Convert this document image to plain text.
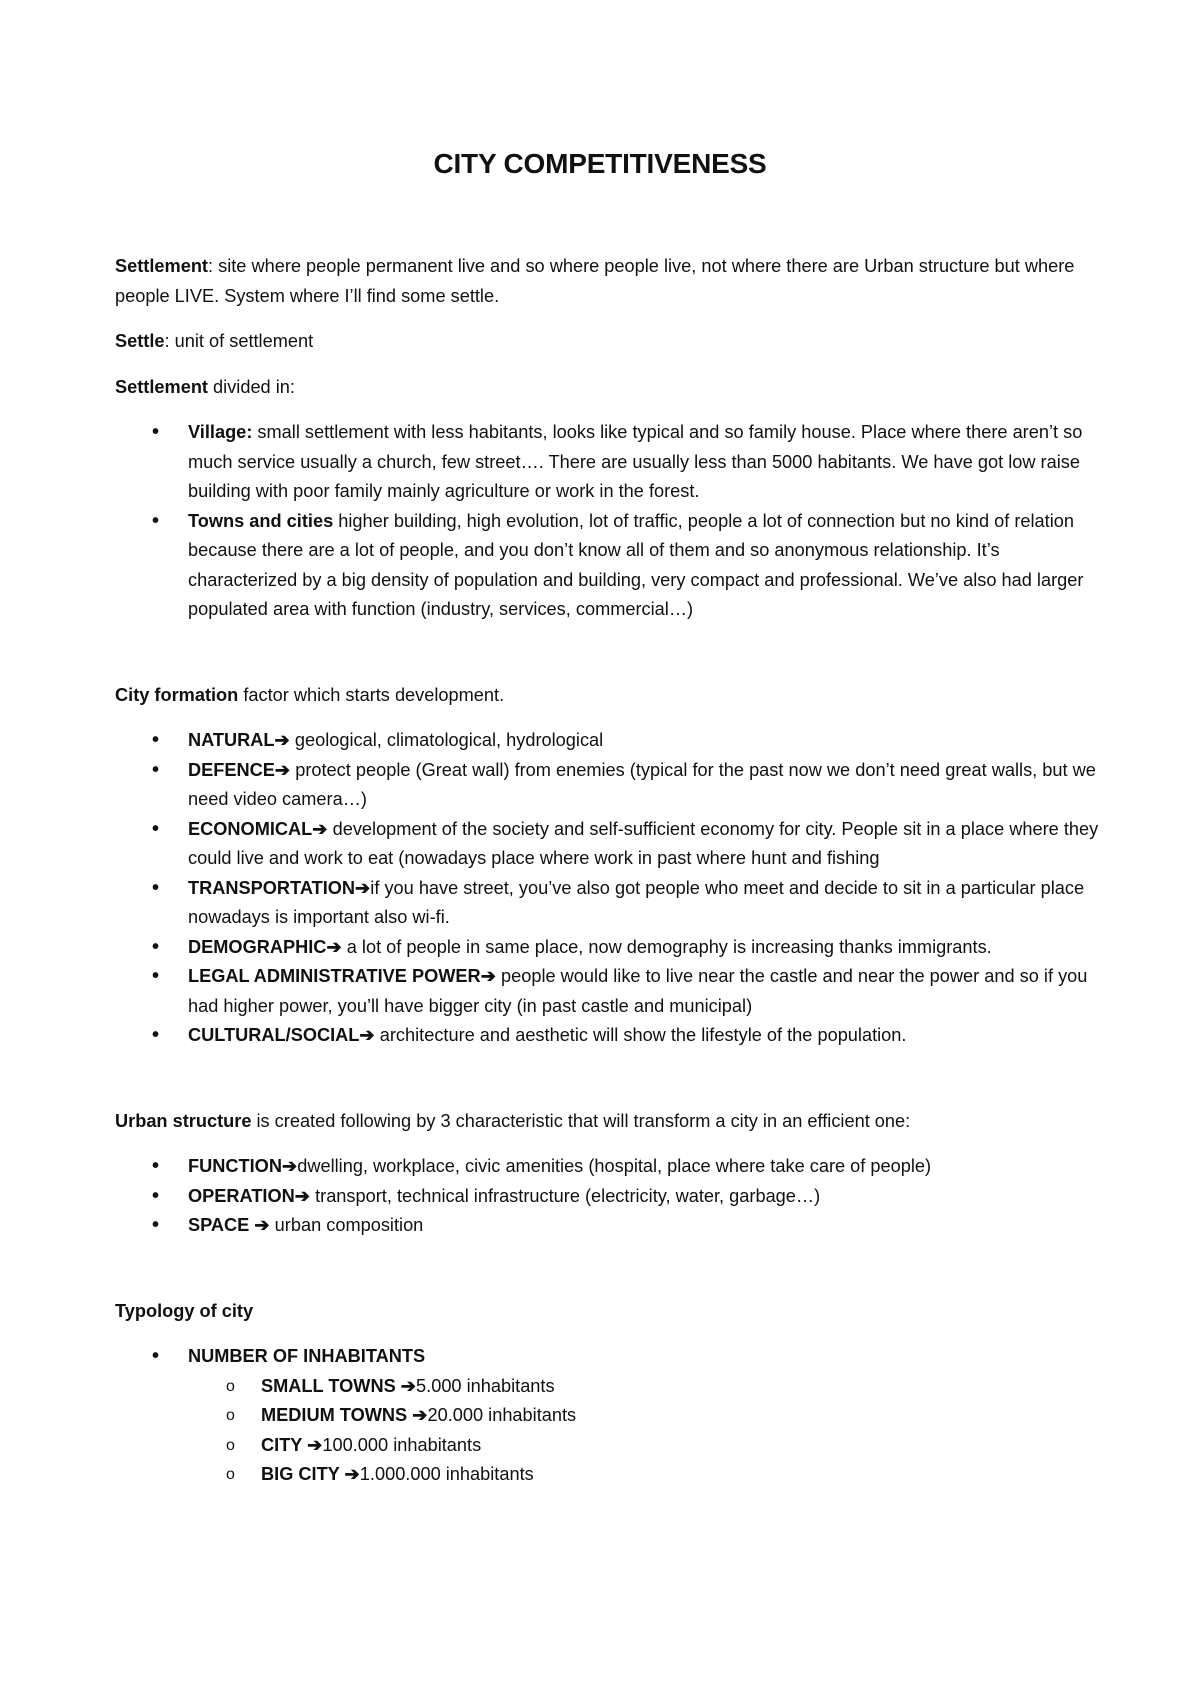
CITY COMPETITIVENESS

Settlement: site where people permanent live and so where people live, not where there are Urban structure but where people LIVE. System where I’ll find some settle.

Settle: unit of settlement

Settlement divided in:

• Village: small settlement with less habitants, looks like typical and so family house. Place where there aren’t so much service usually a church, few street…. There are usually less than 5000 habitants. We have got low raise building with poor family mainly agriculture or work in the forest.
• Towns and cities higher building, high evolution, lot of traffic, people a lot of connection but no kind of relation because there are a lot of people, and you don’t know all of them and so anonymous relationship. It’s characterized by a big density of population and building, very compact and professional. We’ve also had larger populated area with function (industry, services, commercial…)

City formation factor which starts development.

• NATURAL➔ geological, climatological, hydrological
• DEFENCE➔ protect people (Great wall) from enemies (typical for the past now we don’t need great walls, but we need video camera…)
• ECONOMICAL➔ development of the society and self-sufficient economy for city. People sit in a place where they could live and work to eat (nowadays place where work in past where hunt and fishing
• TRANSPORTATION➔if you have street, you’ve also got people who meet and decide to sit in a particular place nowadays is important also wi-fi.
• DEMOGRAPHIC➔ a lot of people in same place, now demography is increasing thanks immigrants.
• LEGAL ADMINISTRATIVE POWER➔ people would like to live near the castle and near the power and so if you had higher power, you’ll have bigger city (in past castle and municipal)
• CULTURAL/SOCIAL➔ architecture and aesthetic will show the lifestyle of the population.

Urban structure is created following by 3 characteristic that will transform a city in an efficient one:

• FUNCTION➔dwelling, workplace, civic amenities (hospital, place where take care of people)
• OPERATION➔ transport, technical infrastructure (electricity, water, garbage…)
• SPACE ➔ urban composition

Typology of city

• NUMBER OF INHABITANTS
o SMALL TOWNS ➔5.000 inhabitants
o MEDIUM TOWNS ➔20.000 inhabitants
o CITY ➔100.000 inhabitants
o BIG CITY ➔1.000.000 inhabitants
